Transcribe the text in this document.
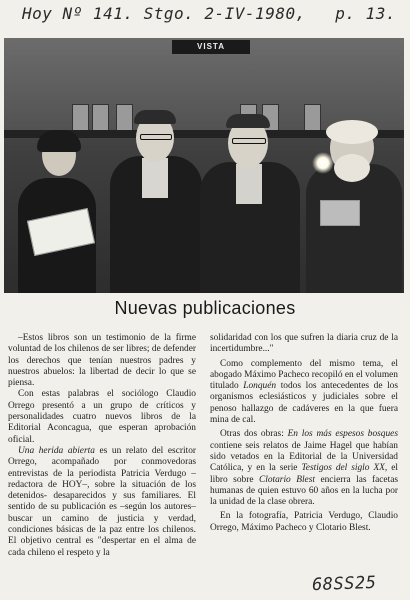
Hoy Nº 141. Stgo. 2-IV-1980, p. 13.
VISTA
Nuevas publicaciones

–Estos libros son un testimonio de la firme voluntad de los chilenos de ser libres; de defender los derechos que tenían nuestros padres y nuestros abuelos: la libertad de decir lo que se piensa.

Con estas palabras el sociólogo Claudio Orrego presentó a un grupo de críticos y personalidades cuatro nuevos libros de la Editorial Aconcagua, que esperan aprobación oficial.

Una herida abierta es un relato del escritor Orrego, acompañado por conmovedoras entrevistas de la periodista Patricia Verdugo –redactora de HOY–, sobre la situación de los detenidos- desaparecidos y sus familiares. El sentido de su publicación es –según los autores– buscar un camino de justicia y verdad, condiciones básicas de la paz entre los chilenos. El objetivo central es "despertar en el alma de cada chileno el respeto y la

solidaridad con los que sufren la diaria cruz de la incertidumbre..."

Como complemento del mismo tema, el abogado Máximo Pacheco recopiló en el volumen titulado Lonquén todos los antecedentes de los organismos eclesiásticos y judiciales sobre el penoso hallazgo de cadáveres en la que fuera mina de cal.

Otras dos obras: En los más espesos bosques contiene seis relatos de Jaime Hagel que habían sido vetados en la Editorial de la Universidad Católica, y en la serie Testigos del siglo XX, el libro sobre Clotario Blest encierra las facetas humanas de quien estuvo 60 años en la lucha por la unidad de la clase obrera.

En la fotografía, Patricia Verdugo, Claudio Orrego, Máximo Pacheco y Clotario Blest.

68SS25
